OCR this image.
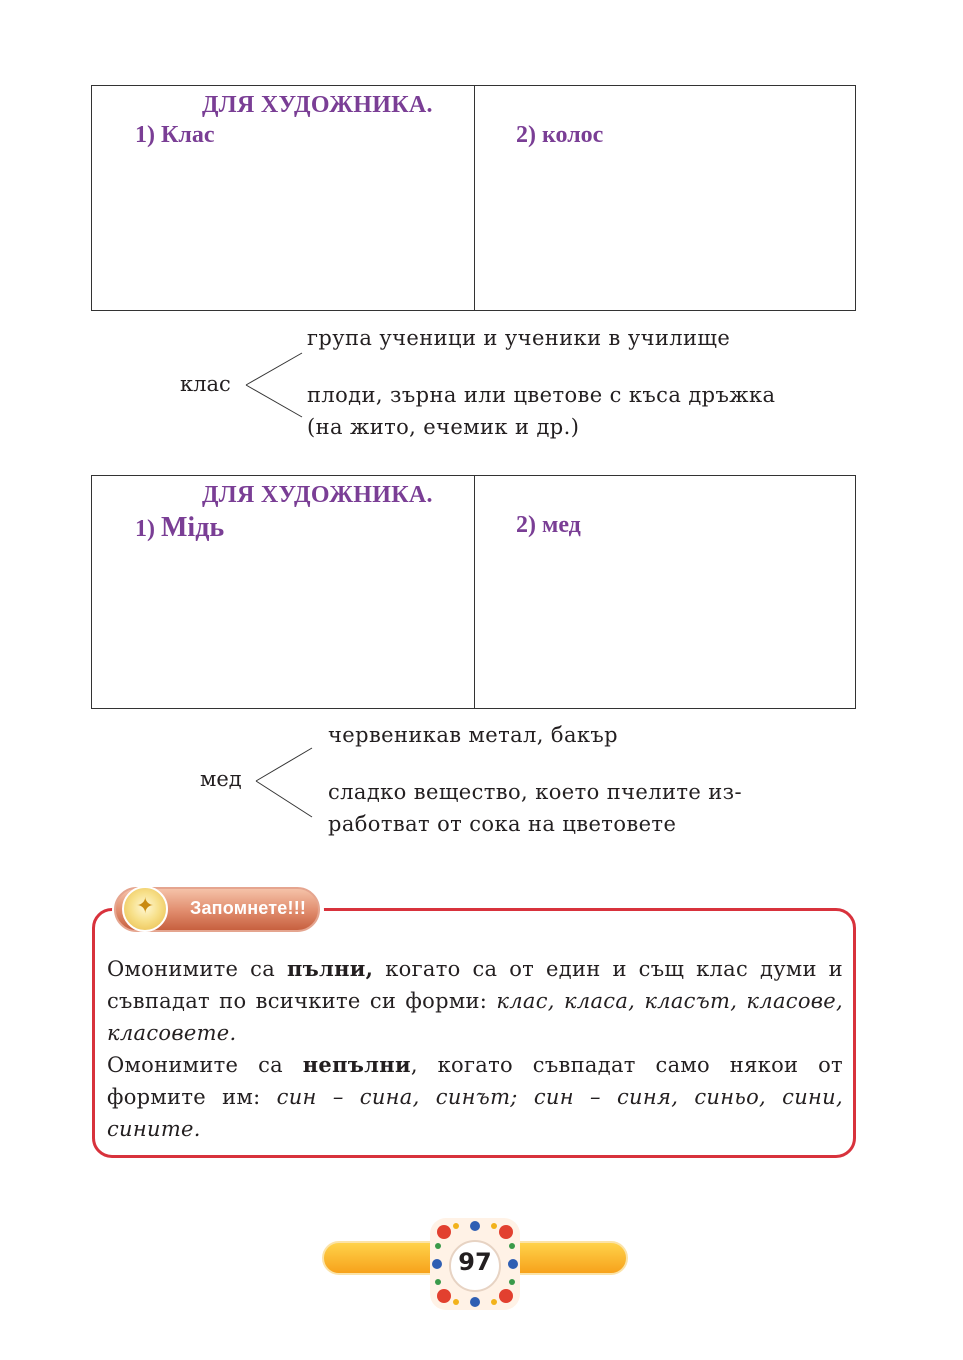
ДЛЯ ХУДОЖНИКА.
1) Клас	2) колос
клас
група ученици и ученики в училище
плоди, зърна или цветове с къса дръжка
(на жито, ечемик и др.)
ДЛЯ ХУДОЖНИКА.
1) Мідь	2) мед
мед
червеникав метал, бакър
сладко вещество, което пчелите из-
работват от сока на цветовете

Омонимите са пълни, когато са от един и същ клас думи и съвпадат по всичките си форми: клас, класа, класът, класове, класовете.

Омонимите са непълни, когато съвпадат само някои от формите им: син – сина, синът; син – синя, синьо, сини, сините.

✦ Запомнете!!!
97
